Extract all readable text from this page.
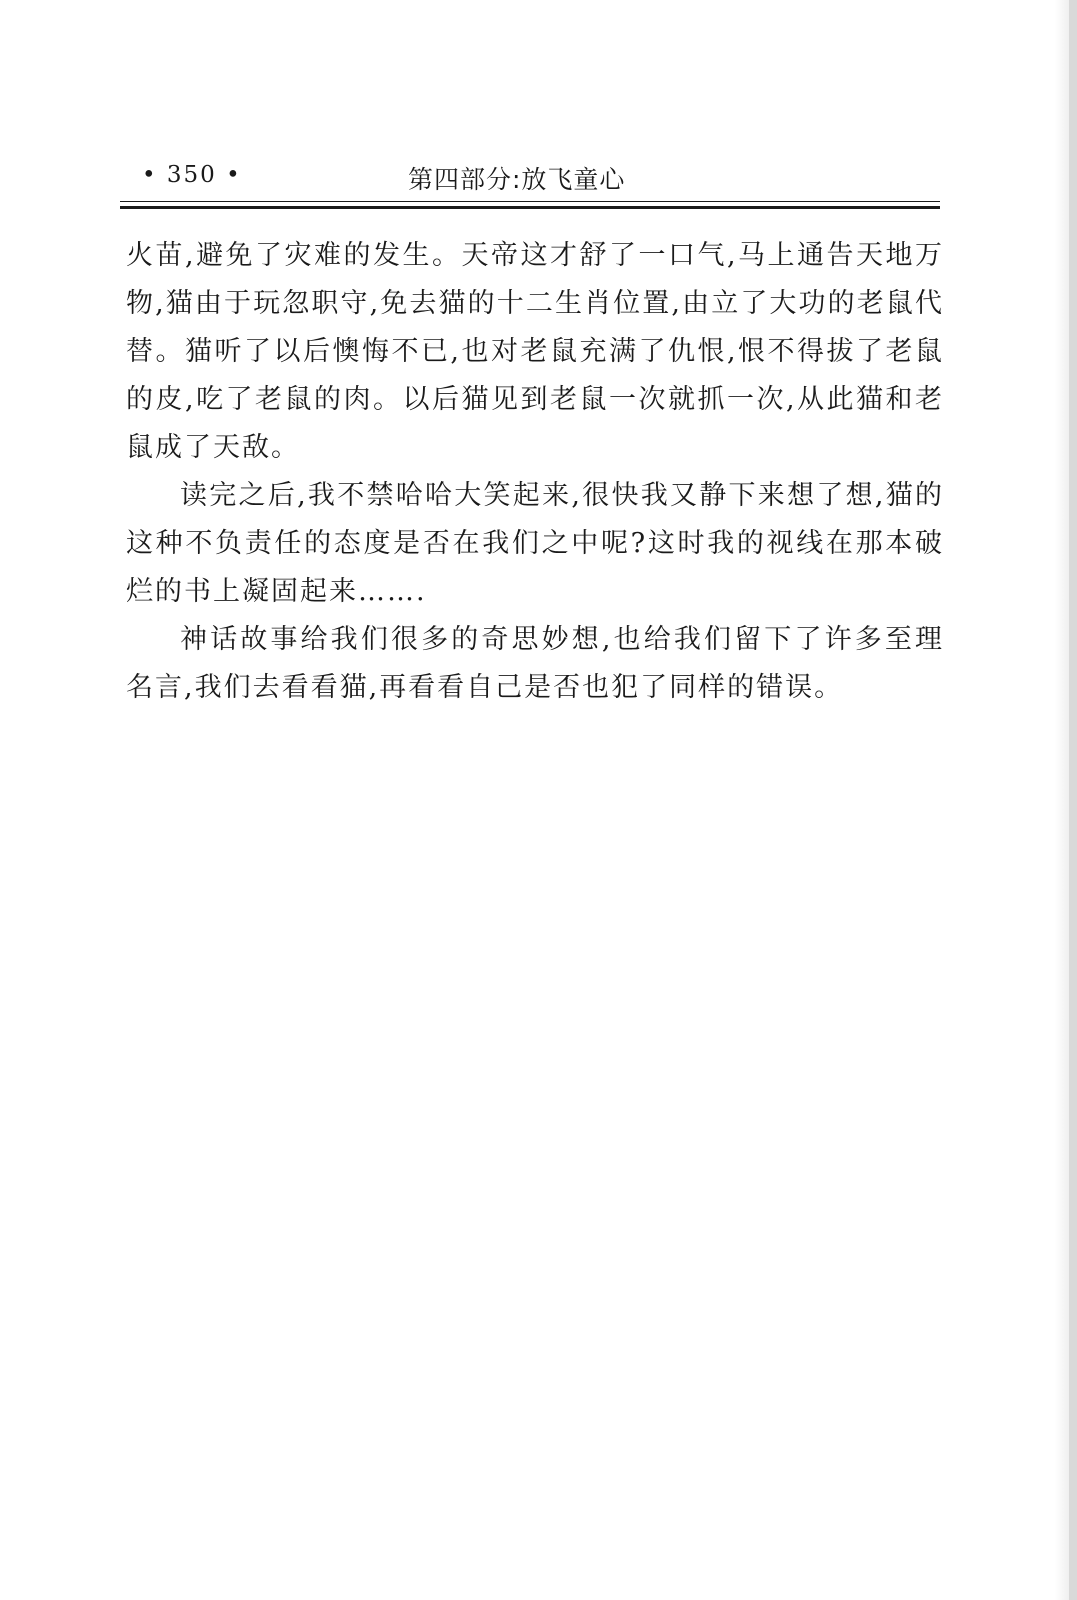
• 350 •	第四部分:放飞童心

火苗,避免了灾难的发生。天帝这才舒了一口气,马上通告天地万物,猫由于玩忽职守,免去猫的十二生肖位置,由立了大功的老鼠代替。猫听了以后懊悔不已,也对老鼠充满了仇恨,恨不得拔了老鼠的皮,吃了老鼠的肉。以后猫见到老鼠一次就抓一次,从此猫和老鼠成了天敌。

读完之后,我不禁哈哈大笑起来,很快我又静下来想了想,猫的这种不负责任的态度是否在我们之中呢?这时我的视线在那本破烂的书上凝固起来…….

神话故事给我们很多的奇思妙想,也给我们留下了许多至理名言,我们去看看猫,再看看自己是否也犯了同样的错误。
